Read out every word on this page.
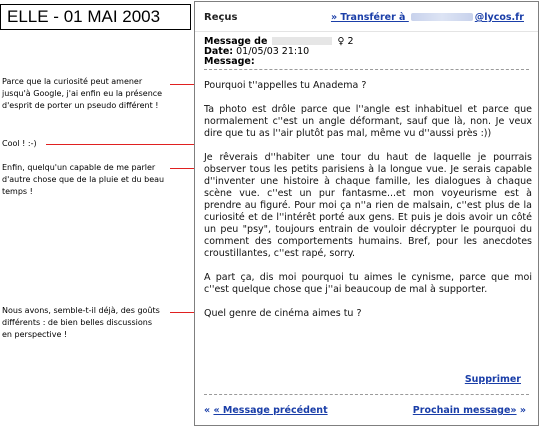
ELLE - 01 MAI 2003
Parce que la curiosité peut amener
jusqu'à Google, j'ai enfin eu la présence
d'esprit de porter un pseudo différent !
Cool ! :-)
Enfin, quelqu'un capable de me parler
d'autre chose que de la pluie et du beau
temps !
Nous avons, semble-t-il déjà, des goûts
différents : de bien belles discussions
en perspective !
Reçus	» Transférer à	@lycos.fr
Message de	♀ 2
Date: 01/05/03 21:10
Message:

Pourquoi t''appelles tu Anadema ?

Ta photo est drôle parce que l''angle est inhabituel et parce que normalement c''est un angle déformant, sauf que là, non. Je veux dire que tu as l''air plutôt pas mal, même vu d''aussi près :))

Je rêverais d''habiter une tour du haut de laquelle je pourrais observer tous les petits parisiens à la longue vue. Je serais capable d''inventer une histoire à chaque famille, les dialogues à chaque scène vue. c''est un pur fantasme...et mon voyeurisme est à prendre au figuré. Pour moi ça n''a rien de malsain, c''est plus de la curiosité et de l''intérêt porté aux gens. Et puis je dois avoir un côté un peu "psy", toujours entrain de vouloir décrypter le pourquoi du comment des comportements humains. Bref, pour les anecdotes croustillantes, c''est rapé, sorry.

A part ça, dis moi pourquoi tu aimes le cynisme, parce que moi c''est quelque chose que j''ai beaucoup de mal à supporter.

Quel genre de cinéma aimes tu ?

Supprimer
« « Message précédent	Prochain message» »
